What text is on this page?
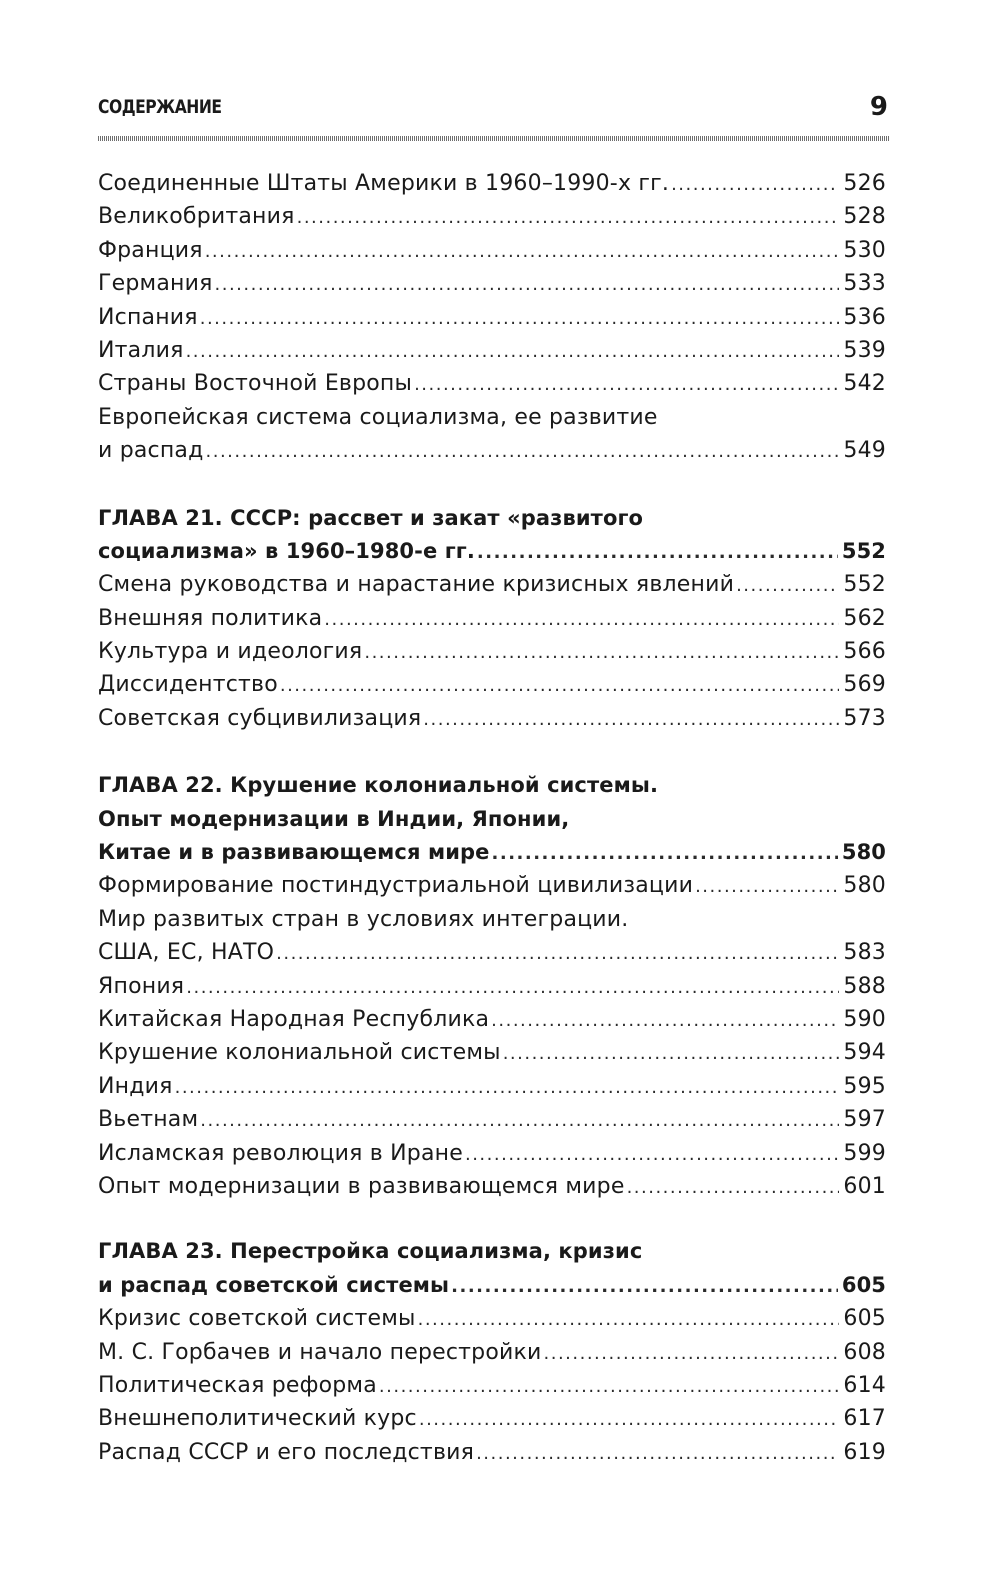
СОДЕРЖАНИЕ	9
Соединенные Штаты Америки в 1960–1990-х гг. .....	526
Великобритания .....	528
Франция .....	530
Германия .....	533
Испания .....	536
Италия .....	539
Страны Восточной Европы .....	542
Европейская система социализма, ее развитие
и распад .....	549
ГЛАВА 21. СССР: рассвет и закат «развитого
социализма» в 1960–1980-е гг. .....	552
Смена руководства и нарастание кризисных явлений .....	552
Внешняя политика .....	562
Культура и идеология .....	566
Диссидентство .....	569
Советская субцивилизация .....	573
ГЛАВА 22. Крушение колониальной системы.
Опыт модернизации в Индии, Японии,
Китае и в развивающемся мире .....	580
Формирование постиндустриальной цивилизации .....	580
Мир развитых стран в условиях интеграции.
США, ЕС, НАТО .....	583
Япония .....	588
Китайская Народная Республика .....	590
Крушение колониальной системы .....	594
Индия .....	595
Вьетнам .....	597
Исламская революция в Иране .....	599
Опыт модернизации в развивающемся мире .....	601
ГЛАВА 23. Перестройка социализма, кризис
и распад советской системы .....	605
Кризис советской системы .....	605
М. С. Горбачев и начало перестройки .....	608
Политическая реформа .....	614
Внешнеполитический курс .....	617
Распад СССР и его последствия .....	619
